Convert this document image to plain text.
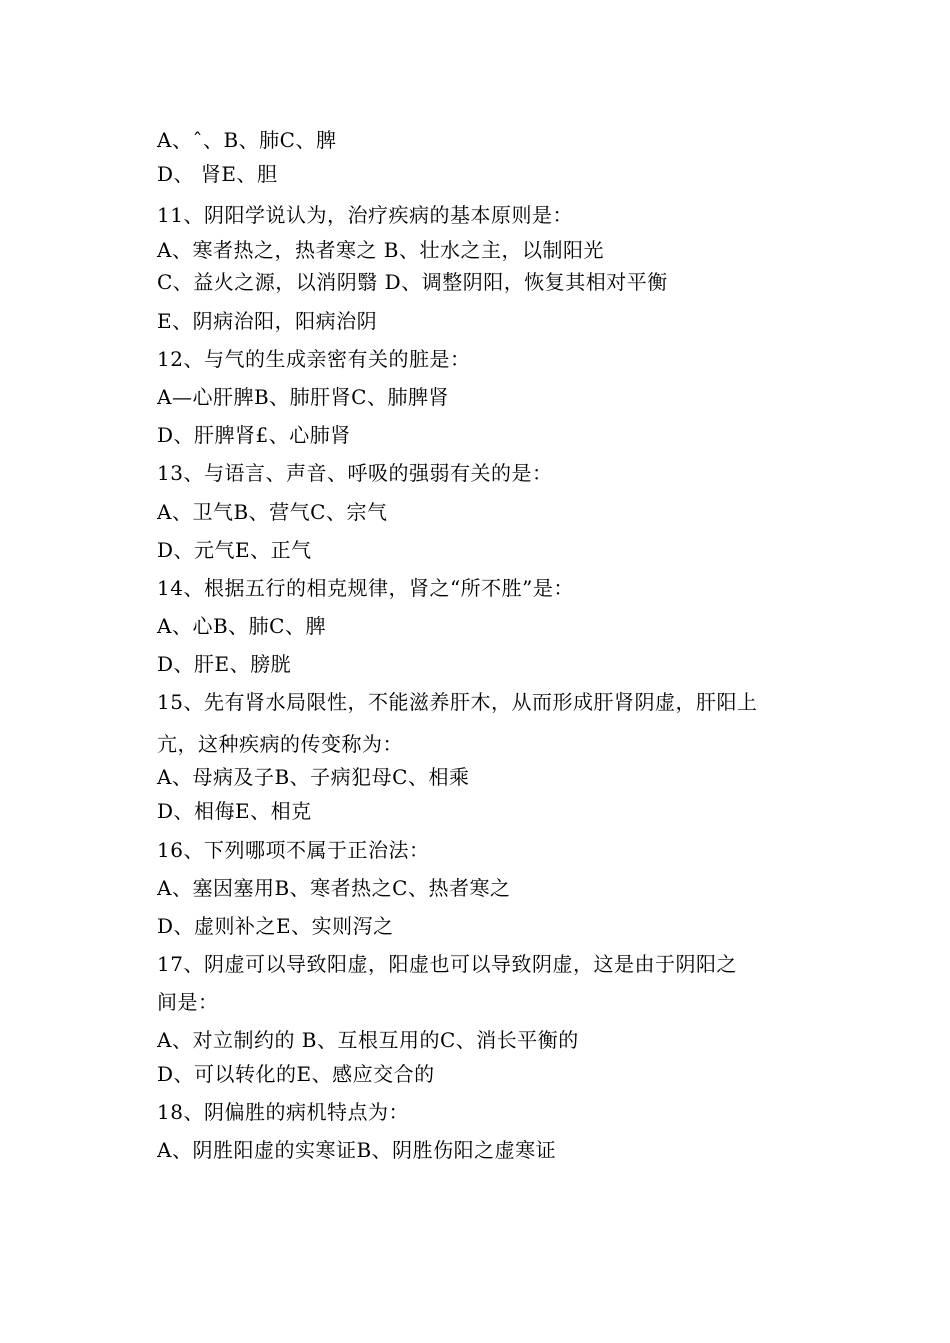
A、ˆ、B、肺C、脾
D、 肾E、胆
11、阴阳学说认为，治疗疾病的基本原则是：
A、寒者热之，热者寒之 B、壮水之主，以制阳光
C、益火之源，以消阴翳 D、调整阴阳，恢复其相对平衡
E、阴病治阳，阳病治阴
12、与气的生成亲密有关的脏是：
A—心肝脾B、肺肝肾C、肺脾肾
D、肝脾肾£、心肺肾
13、与语言、声音、呼吸的强弱有关的是：
A、卫气B、营气C、宗气
D、元气E、正气
14、根据五行的相克规律，肾之“所不胜”是：
A、心B、肺C、脾
D、肝E、膀胱
15、先有肾水局限性，不能滋养肝木，从而形成肝肾阴虚，肝阳上
亢，这种疾病的传变称为：
A、母病及子B、子病犯母C、相乘
D、相侮E、相克
16、下列哪项不属于正治法：
A、塞因塞用B、寒者热之C、热者寒之
D、虚则补之E、实则泻之
17、阴虚可以导致阳虚，阳虚也可以导致阴虚，这是由于阴阳之
间是：
A、对立制约的 B、互根互用的C、消长平衡的
D、可以转化的E、感应交合的
18、阴偏胜的病机特点为：
A、阴胜阳虚的实寒证B、阴胜伤阳之虚寒证
